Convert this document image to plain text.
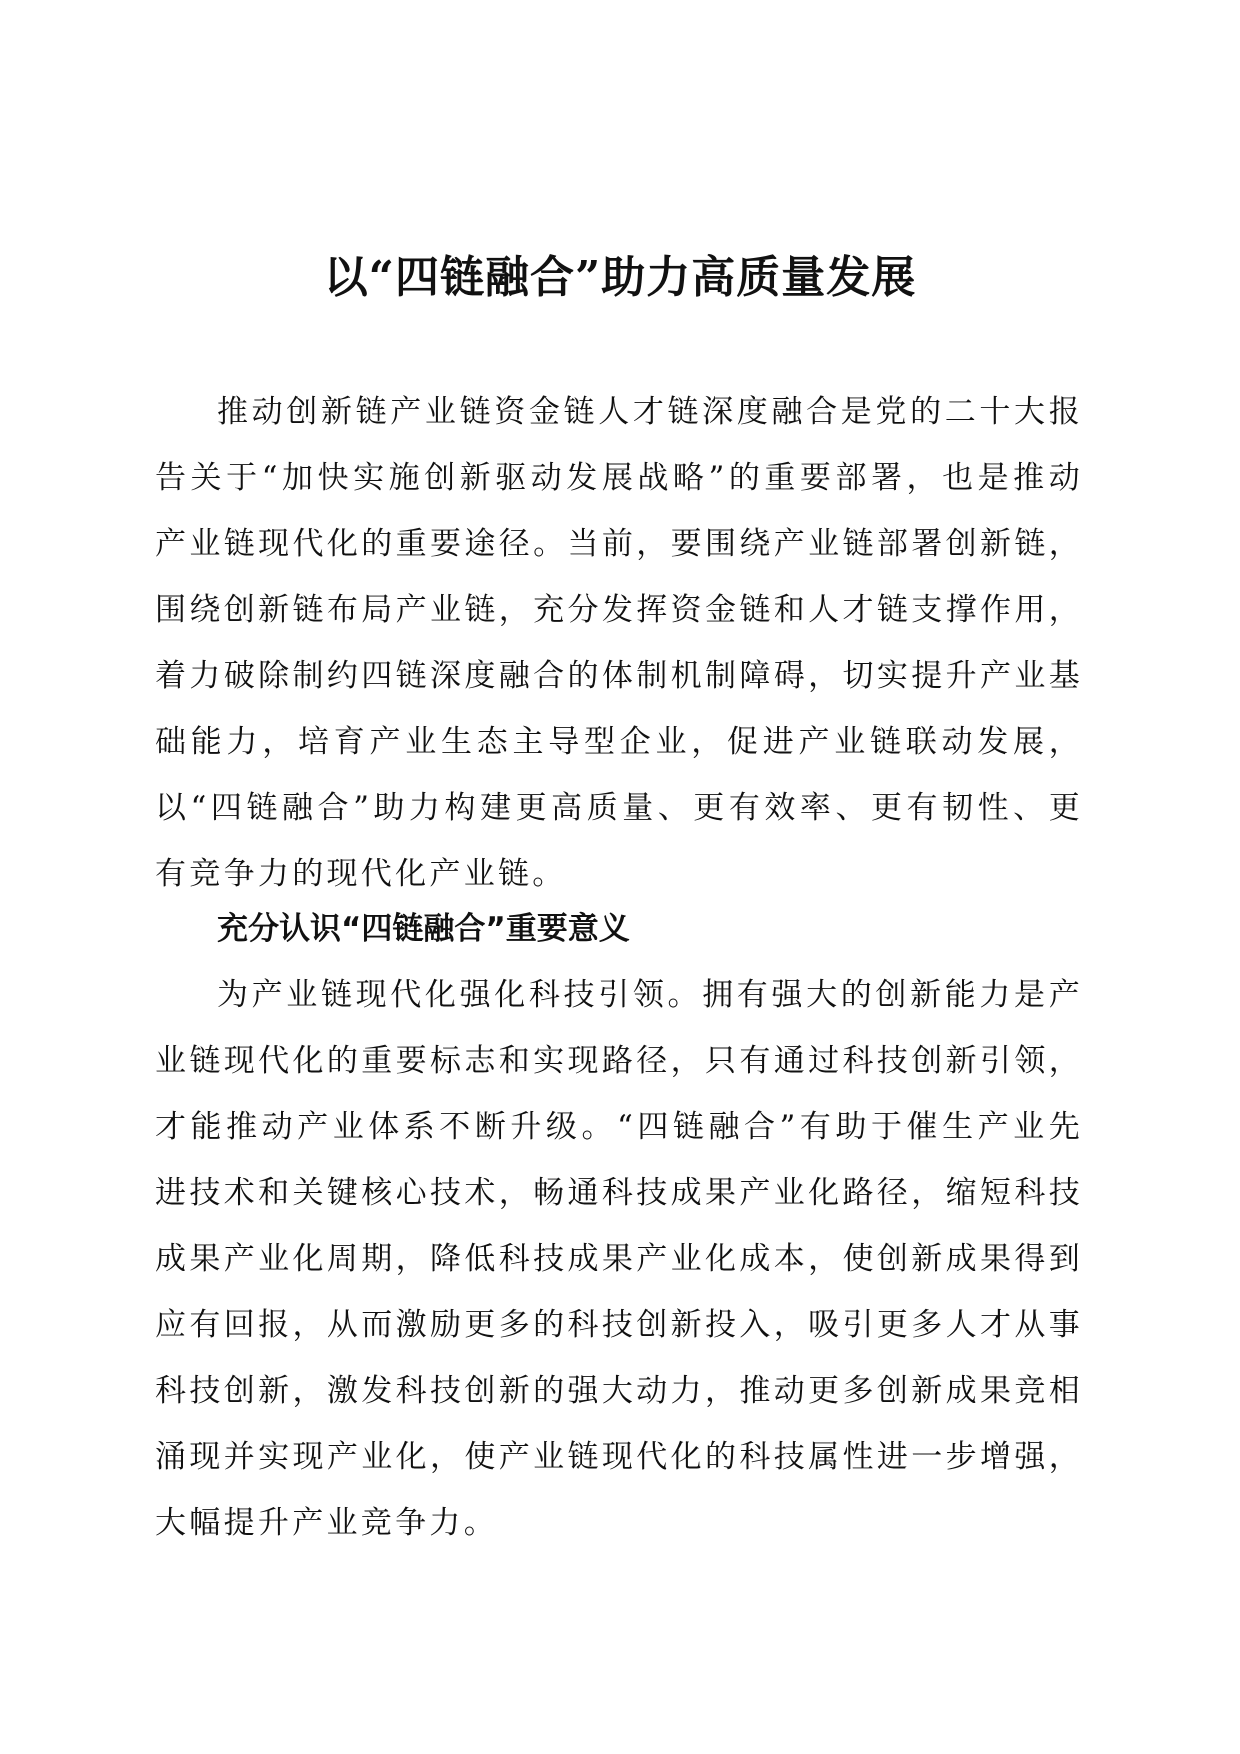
以“四链融合”助力高质量发展

推动创新链产业链资金链人才链深度融合是党的二十大报告关于“加快实施创新驱动发展战略”的重要部署，也是推动产业链现代化的重要途径。当前，要围绕产业链部署创新链，围绕创新链布局产业链，充分发挥资金链和人才链支撑作用，着力破除制约四链深度融合的体制机制障碍，切实提升产业基础能力，培育产业生态主导型企业，促进产业链联动发展，以“四链融合”助力构建更高质量、更有效率、更有韧性、更有竞争力的现代化产业链。

充分认识“四链融合”重要意义

为产业链现代化强化科技引领。拥有强大的创新能力是产业链现代化的重要标志和实现路径，只有通过科技创新引领，才能推动产业体系不断升级。“四链融合”有助于催生产业先进技术和关键核心技术，畅通科技成果产业化路径，缩短科技成果产业化周期，降低科技成果产业化成本，使创新成果得到应有回报，从而激励更多的科技创新投入，吸引更多人才从事科技创新，激发科技创新的强大动力，推动更多创新成果竞相涌现并实现产业化，使产业链现代化的科技属性进一步增强，大幅提升产业竞争力。
